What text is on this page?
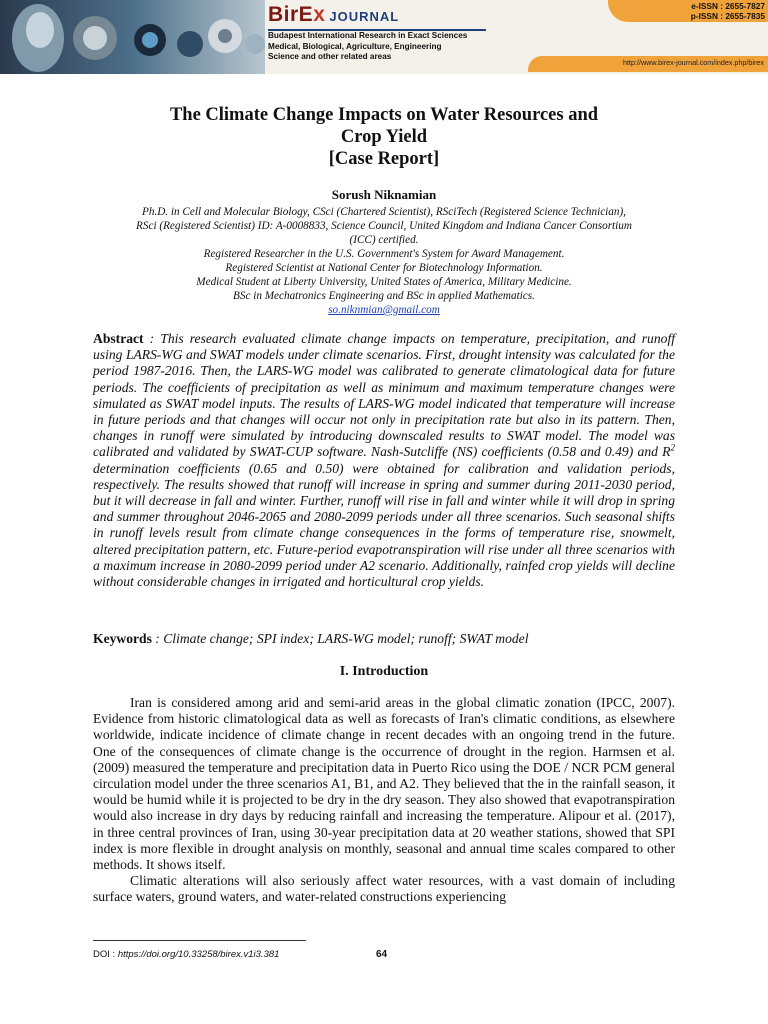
BirEx JOURNAL
Budapest International Research in Exact Sciences
Medical, Biological, Agriculture, Engineering
Science and other related areas
e-ISSN : 2655-7827
p-ISSN : 2655-7835
http://www.birex-journal.com/index.php/birex
The Climate Change Impacts on Water Resources and
Crop Yield
[Case Report]
Sorush Niknamian
Ph.D. in Cell and Molecular Biology, CSci (Chartered Scientist), RSciTech (Registered Science Technician),
RSci (Registered Scientist) ID: A-0008833, Science Council, United Kingdom and Indiana Cancer Consortium
(ICC) certified.
Registered Researcher in the U.S. Government's System for Award Management.
Registered Scientist at National Center for Biotechnology Information.
Medical Student at Liberty University, United States of America, Military Medicine.
BSc in Mechatronics Engineering and BSc in applied Mathematics.
so.niknmian@gmail.com
Abstract : This research evaluated climate change impacts on temperature, precipitation, and runoff using LARS-WG and SWAT models under climate scenarios. First, drought intensity was calculated for the period 1987-2016. Then, the LARS-WG model was calibrated to generate climatological data for future periods. The coefficients of precipitation as well as minimum and maximum temperature changes were simulated as SWAT model inputs. The results of LARS-WG model indicated that temperature will increase in future periods and that changes will occur not only in precipitation rate but also in its pattern. Then, changes in runoff were simulated by introducing downscaled results to SWAT model. The model was calibrated and validated by SWAT-CUP software. Nash-Sutcliffe (NS) coefficients (0.58 and 0.49) and $R^2$ determination coefficients (0.65 and 0.50) were obtained for calibration and validation periods, respectively. The results showed that runoff will increase in spring and summer during 2011-2030 period, but it will decrease in fall and winter. Further, runoff will rise in fall and winter while it will drop in spring and summer throughout 2046-2065 and 2080-2099 periods under all three scenarios. Such seasonal shifts in runoff levels result from climate change consequences in the forms of temperature rise, snowmelt, altered precipitation pattern, etc. Future-period evapotranspiration will rise under all three scenarios with a maximum increase in 2080-2099 period under A2 scenario. Additionally, rainfed crop yields will decline without considerable changes in irrigated and horticultural crop yields.
Keywords : Climate change; SPI index; LARS-WG model; runoff; SWAT model
I. Introduction

Iran is considered among arid and semi-arid areas in the global climatic zonation (IPCC, 2007). Evidence from historic climatological data as well as forecasts of Iran's climatic conditions, as elsewhere worldwide, indicate incidence of climate change in recent decades with an ongoing trend in the future. One of the consequences of climate change is the occurrence of drought in the region. Harmsen et al. (2009) measured the temperature and precipitation data in Puerto Rico using the DOE / NCR PCM general circulation model under the three scenarios A1, B1, and A2. They believed that the in the rainfall season, it would be humid while it is projected to be dry in the dry season. They also showed that evapotranspiration would also increase in dry days by reducing rainfall and increasing the temperature. Alipour et al. (2017), in three central provinces of Iran, using 30-year precipitation data at 20 weather stations, showed that SPI index is more flexible in drought analysis on monthly, seasonal and annual time scales compared to other methods. It shows itself.

Climatic alterations will also seriously affect water resources, with a vast domain of including surface waters, ground waters, and water-related constructions experiencing

DOI : https://doi.org/10.33258/birex.v1i3.381	64
